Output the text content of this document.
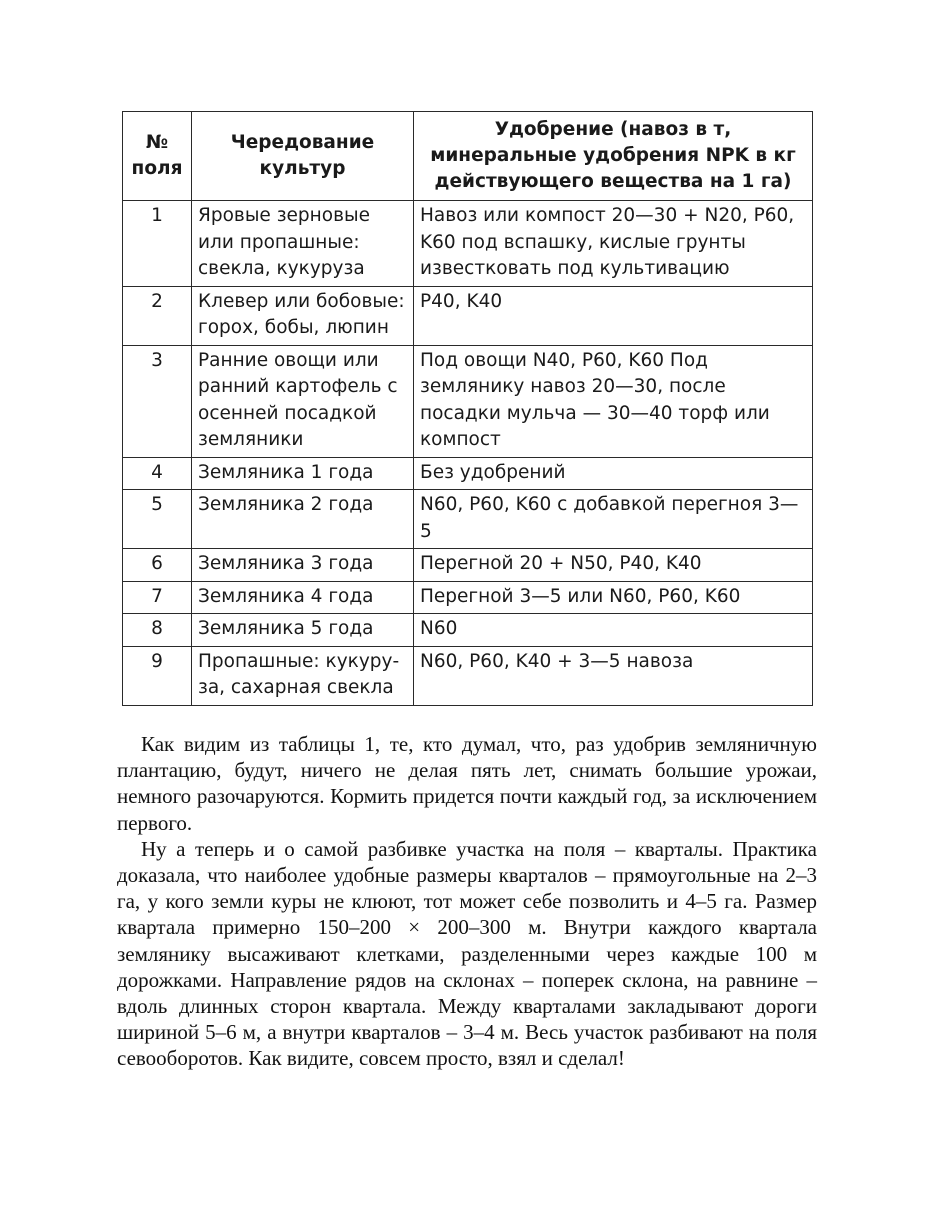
№ поля	Чередование культур	Удобрение (навоз в т, минеральные удобрения NPK в кг действующего вещества на 1 га)
1	Яровые зерновые или пропашные: свекла, кукуруза	Навоз или компост 20—30 + N20, P60, K60 под вспашку, кислые грунты известковать под культивацию
2	Клевер или бобовые: горох, бобы, люпин	P40, K40
3	Ранние овощи или ранний картофель с осенней посадкой земляники	Под овощи N40, P60, K60 Под землянику навоз 20—30, после посадки мульча — 30—40 торф или компост
4	Земляника 1 года	Без удобрений
5	Земляника 2 года	N60, P60, K60 с добавкой перегноя 3—5
6	Земляника 3 года	Перегной 20 + N50, P40, K40
7	Земляника 4 года	Перегной 3—5 или N60, P60, K60
8	Земляника 5 года	N60
9	Пропашные: кукуру-за, сахарная свекла	N60, P60, K40 + 3—5 навоза

Как видим из таблицы 1, те, кто думал, что, раз удобрив земляничную плантацию, будут, ничего не делая пять лет, снимать большие урожаи, немного разочаруются. Кормить придется почти каждый год, за исключением первого.

Ну а теперь и о самой разбивке участка на поля – кварталы. Практика доказала, что наиболее удобные размеры кварталов – прямоугольные на 2–3 га, у кого земли куры не клюют, тот может себе позволить и 4–5 га. Размер квартала примерно 150–200 × 200–300 м. Внутри каждого квартала землянику высаживают клетками, разделенными через каждые 100 м дорожками. Направление рядов на склонах – поперек склона, на равнине – вдоль длинных сторон квартала. Между кварталами закладывают дороги шириной 5–6 м, а внутри кварталов – 3–4 м. Весь участок разбивают на поля севооборотов. Как видите, совсем просто, взял и сделал!
